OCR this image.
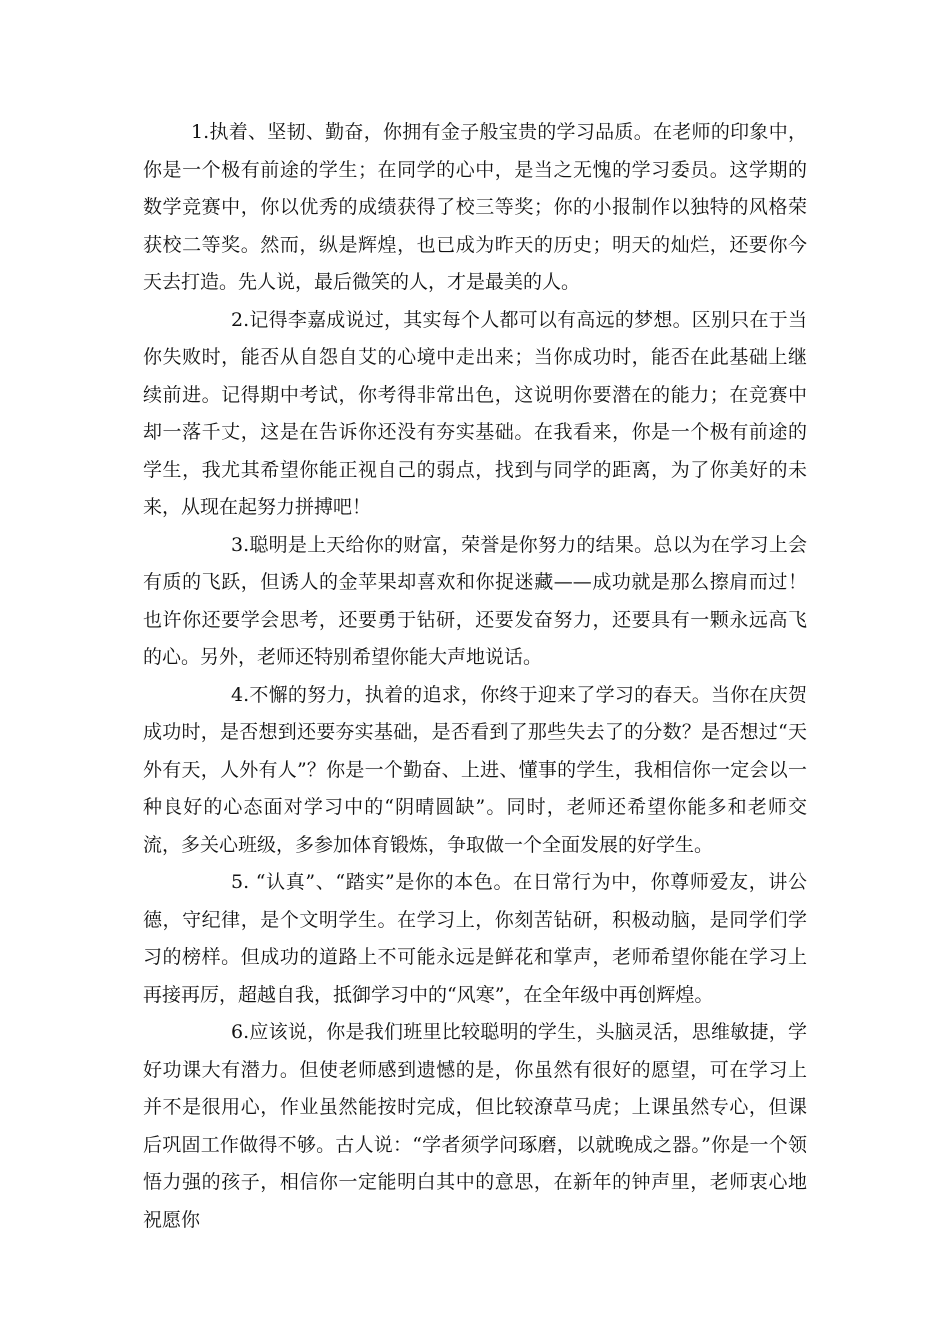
1.执着、坚韧、勤奋，你拥有金子般宝贵的学习品质。在老师的印象中，你是一个极有前途的学生；在同学的心中，是当之无愧的学习委员。这学期的数学竞赛中，你以优秀的成绩获得了校三等奖；你的小报制作以独特的风格荣获校二等奖。然而，纵是辉煌，也已成为昨天的历史；明天的灿烂，还要你今天去打造。先人说，最后微笑的人，才是最美的人。

2.记得李嘉成说过，其实每个人都可以有高远的梦想。区别只在于当你失败时，能否从自怨自艾的心境中走出来；当你成功时，能否在此基础上继续前进。记得期中考试，你考得非常出色，这说明你要潜在的能力；在竞赛中却一落千丈，这是在告诉你还没有夯实基础。在我看来，你是一个极有前途的学生，我尤其希望你能正视自己的弱点，找到与同学的距离，为了你美好的未来，从现在起努力拼搏吧！

3.聪明是上天给你的财富，荣誉是你努力的结果。总以为在学习上会有质的飞跃，但诱人的金苹果却喜欢和你捉迷藏——成功就是那么擦肩而过！也许你还要学会思考，还要勇于钻研，还要发奋努力，还要具有一颗永远高飞的心。另外，老师还特别希望你能大声地说话。

4.不懈的努力，执着的追求，你终于迎来了学习的春天。当你在庆贺成功时，是否想到还要夯实基础，是否看到了那些失去了的分数？是否想过“天外有天，人外有人”？你是一个勤奋、上进、懂事的学生，我相信你一定会以一种良好的心态面对学习中的“阴晴圆缺”。同时，老师还希望你能多和老师交流，多关心班级，多参加体育锻炼，争取做一个全面发展的好学生。

5. “认真”、“踏实”是你的本色。在日常行为中，你尊师爱友，讲公德，守纪律，是个文明学生。在学习上，你刻苦钻研，积极动脑，是同学们学习的榜样。但成功的道路上不可能永远是鲜花和掌声，老师希望你能在学习上再接再厉，超越自我，抵御学习中的“风寒”，在全年级中再创辉煌。

6.应该说，你是我们班里比较聪明的学生，头脑灵活，思维敏捷，学好功课大有潜力。但使老师感到遗憾的是，你虽然有很好的愿望，可在学习上并不是很用心，作业虽然能按时完成，但比较潦草马虎；上课虽然专心，但课后巩固工作做得不够。古人说：“学者须学问琢磨，以就晚成之器。”你是一个领悟力强的孩子，相信你一定能明白其中的意思，在新年的钟声里，老师衷心地祝愿你
